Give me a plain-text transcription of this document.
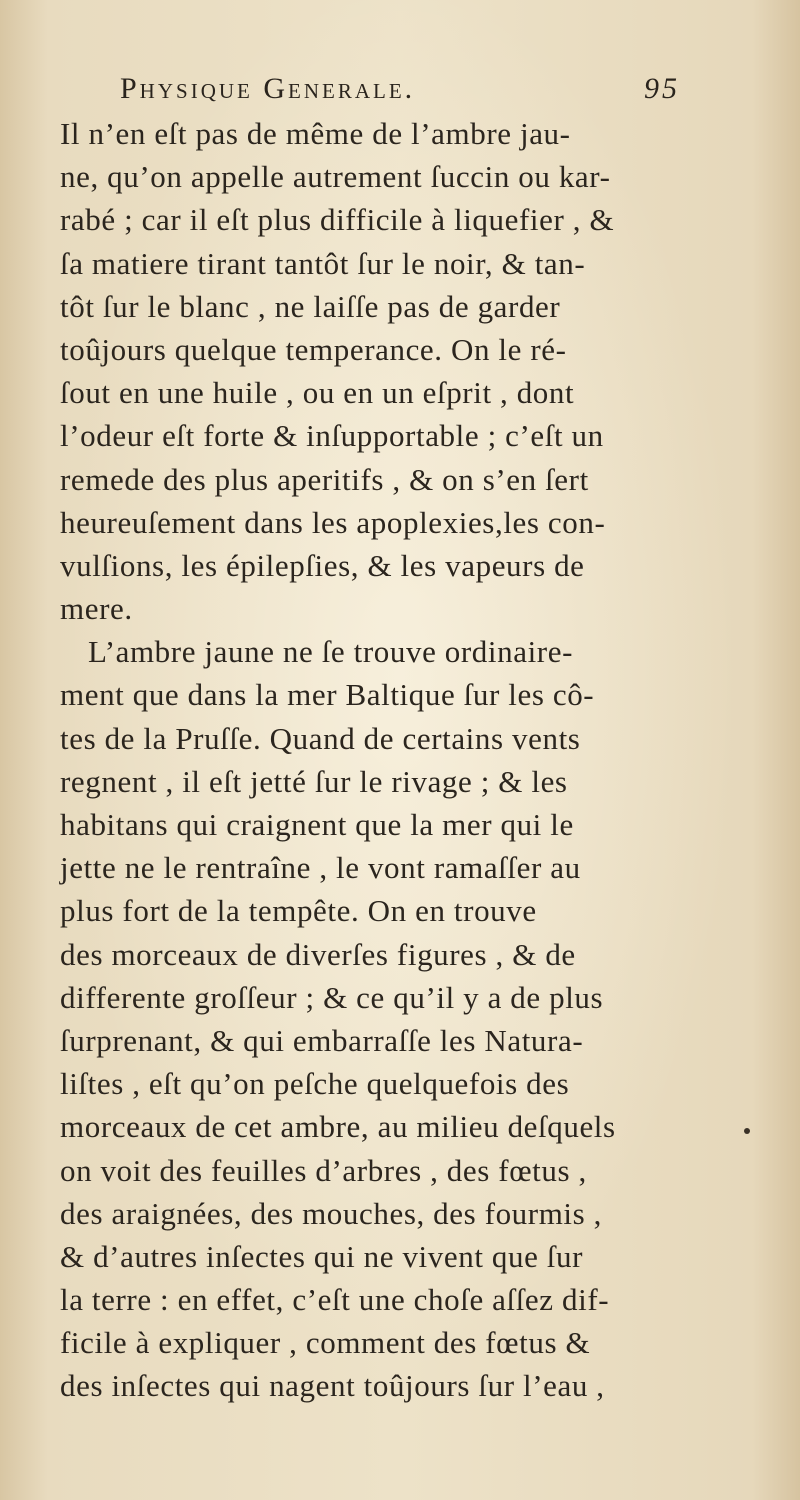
Physique Generale.	95
Il n’en eſt pas de même de l’ambre jau-
ne, qu’on appelle autrement ſuccin ou kar-
rabé ; car il eſt plus difficile à liquefier , &
ſa matiere tirant tantôt ſur le noir, & tan-
tôt ſur le blanc , ne laiſſe pas de garder
toûjours quelque temperance. On le ré-
ſout en une huile , ou en un eſprit , dont
l’odeur eſt forte & inſupportable ; c’eſt un
remede des plus aperitifs , & on s’en ſert
heureuſement dans les apoplexies,les con-
vulſions, les épilepſies, & les vapeurs de
mere.
L’ambre jaune ne ſe trouve ordinaire-
ment que dans la mer Baltique ſur les cô-
tes de la Pruſſe. Quand de certains vents
regnent , il eſt jetté ſur le rivage ; & les
habitans qui craignent que la mer qui le
jette ne le rentraîne , le vont ramaſſer au
plus fort de la tempête. On en trouve
des morceaux de diverſes figures , & de
differente groſſeur ; & ce qu’il y a de plus
ſurprenant, & qui embarraſſe les Natura-
liſtes , eſt qu’on peſche quelquefois des
morceaux de cet ambre, au milieu deſquels
on voit des feuilles d’arbres , des fœtus ,
des araignées, des mouches, des fourmis ,
& d’autres inſectes qui ne vivent que ſur
la terre : en effet, c’eſt une choſe aſſez dif-
ficile à expliquer , comment des fœtus &
des inſectes qui nagent toûjours ſur l’eau ,
